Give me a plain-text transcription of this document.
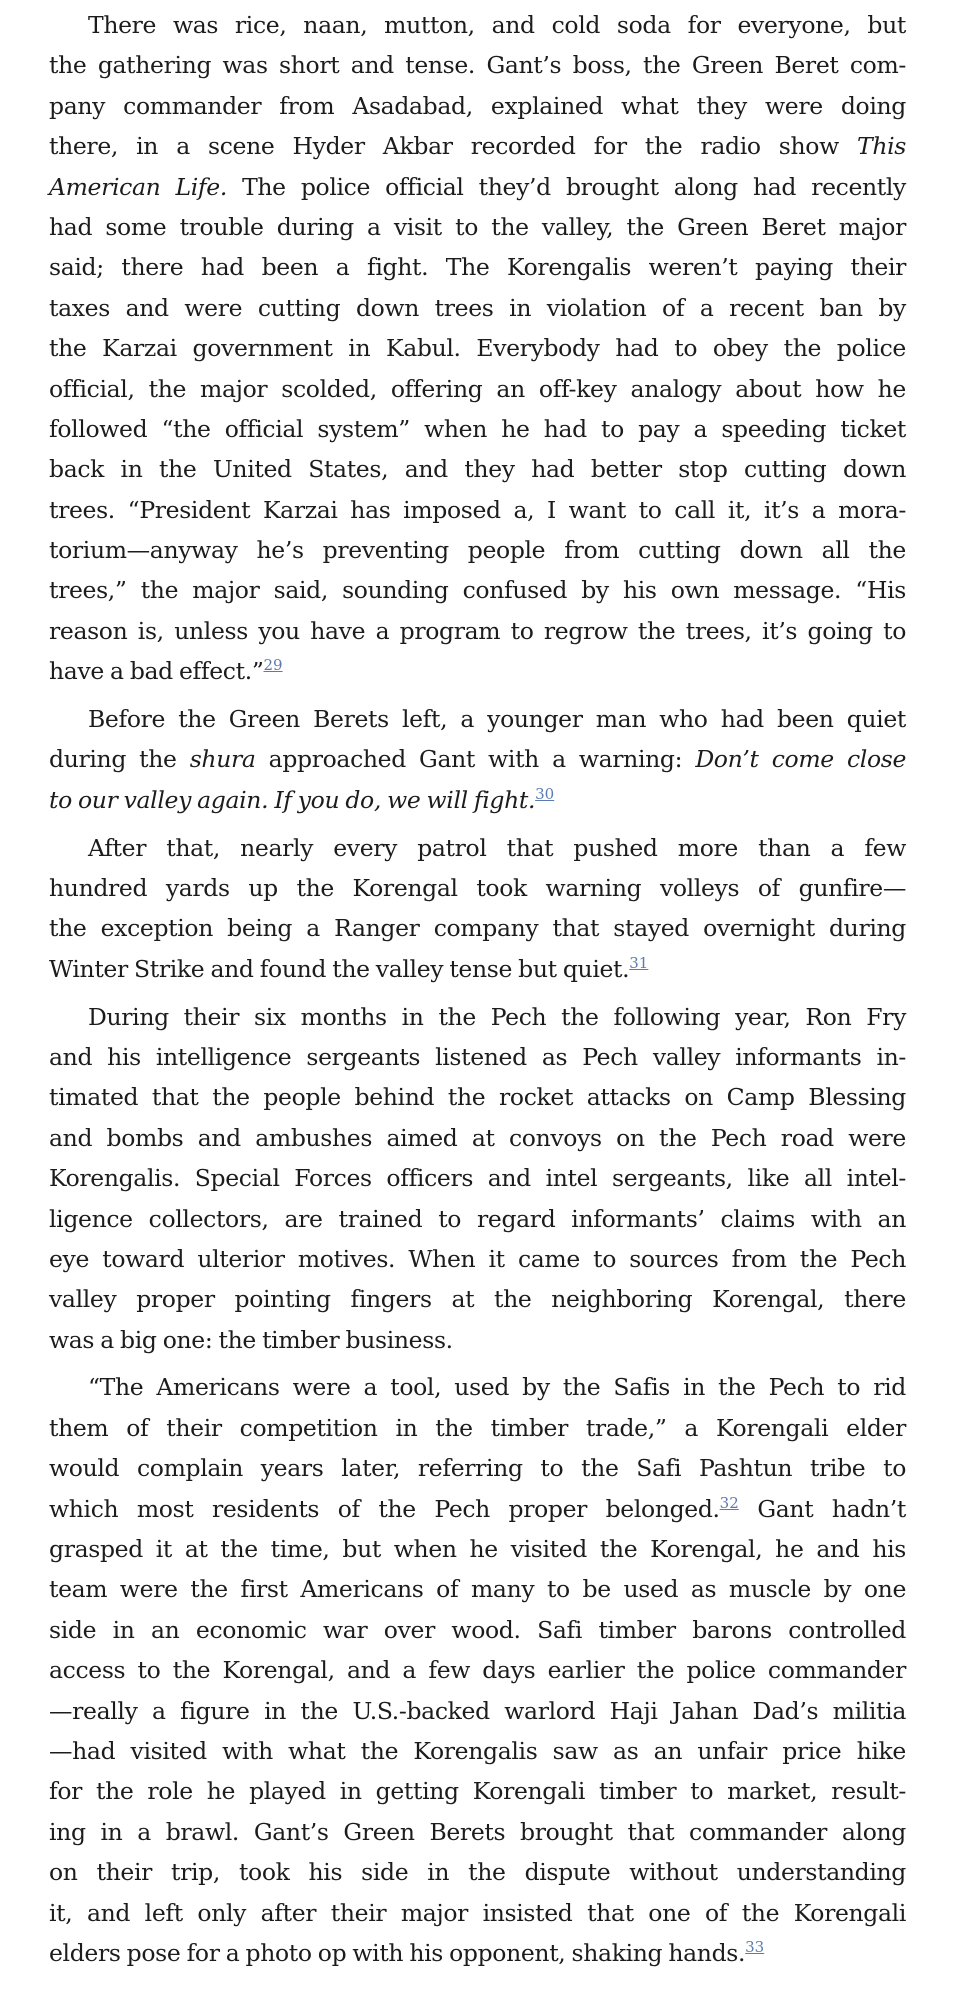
There was rice, naan, mutton, and cold soda for everyone, but
the gathering was short and tense. Gant’s boss, the Green Beret com-
pany commander from Asadabad, explained what they were doing
there, in a scene Hyder Akbar recorded for the radio show This
American Life. The police official they’d brought along had recently
had some trouble during a visit to the valley, the Green Beret major
said; there had been a fight. The Korengalis weren’t paying their
taxes and were cutting down trees in violation of a recent ban by
the Karzai government in Kabul. Everybody had to obey the police
official, the major scolded, offering an off-key analogy about how he
followed “the official system” when he had to pay a speeding ticket
back in the United States, and they had better stop cutting down
trees. “President Karzai has imposed a, I want to call it, it’s a mora-
torium—anyway he’s preventing people from cutting down all the
trees,” the major said, sounding confused by his own message. “His
reason is, unless you have a program to regrow the trees, it’s going to
have a bad effect.”$^{29}$
Before the Green Berets left, a younger man who had been quiet
during the shura approached Gant with a warning: Don’t come close
to our valley again. If you do, we will fight.$^{30}$
After that, nearly every patrol that pushed more than a few
hundred yards up the Korengal took warning volleys of gunfire—
the exception being a Ranger company that stayed overnight during
Winter Strike and found the valley tense but quiet.$^{31}$
During their six months in the Pech the following year, Ron Fry
and his intelligence sergeants listened as Pech valley informants in-
timated that the people behind the rocket attacks on Camp Blessing
and bombs and ambushes aimed at convoys on the Pech road were
Korengalis. Special Forces officers and intel sergeants, like all intel-
ligence collectors, are trained to regard informants’ claims with an
eye toward ulterior motives. When it came to sources from the Pech
valley proper pointing fingers at the neighboring Korengal, there
was a big one: the timber business.
“The Americans were a tool, used by the Safis in the Pech to rid
them of their competition in the timber trade,” a Korengali elder
would complain years later, referring to the Safi Pashtun tribe to
which most residents of the Pech proper belonged.$^{32}$ Gant hadn’t
grasped it at the time, but when he visited the Korengal, he and his
team were the first Americans of many to be used as muscle by one
side in an economic war over wood. Safi timber barons controlled
access to the Korengal, and a few days earlier the police commander
—really a figure in the U.S.-backed warlord Haji Jahan Dad’s militia
—had visited with what the Korengalis saw as an unfair price hike
for the role he played in getting Korengali timber to market, result-
ing in a brawl. Gant’s Green Berets brought that commander along
on their trip, took his side in the dispute without understanding
it, and left only after their major insisted that one of the Korengali
elders pose for a photo op with his opponent, shaking hands.$^{33}$
